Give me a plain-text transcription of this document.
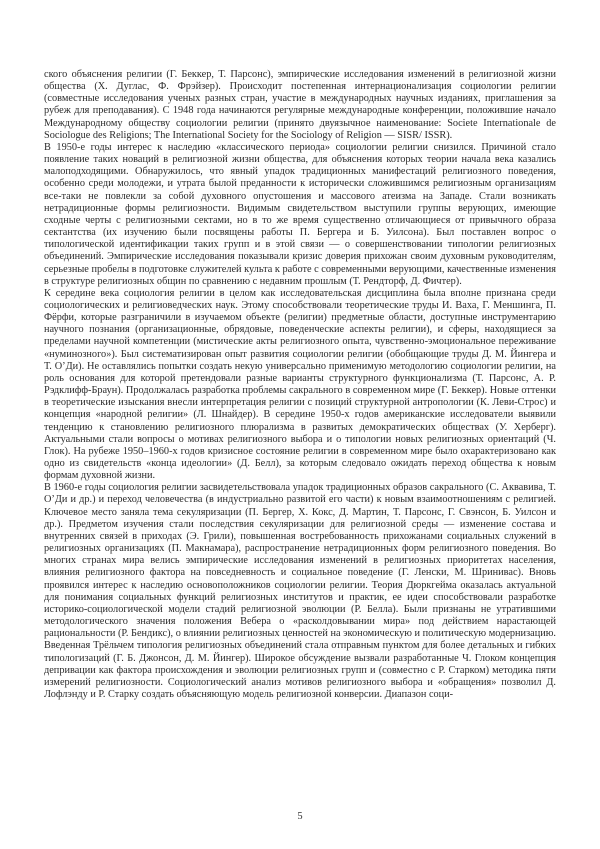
ского объяснения религии (Г. Беккер, Т. Парсонс), эмпирические исследования изменений в религиозной жизни общества (Х. Дуглас, Ф. Фрэйзер). Происходит постепенная интернационализация социологии религии (совместные исследования ученых разных стран, участие в международных научных изданиях, приглашения за рубеж для преподавания). С 1948 года начинаются регулярные международные конференции, положившие начало Международному обществу социологии религии (принято двуязычное наименование: Societe Internationale de Sociologue des Religions; The International Society for the Sociology of Religion — SISR/ ISSR).

В 1950-е годы интерес к наследию «классического периода» социологии религии снизился. Причиной стало появление таких новаций в религиозной жизни общества, для объяснения которых теории начала века казались малоподходящими. Обнаружилось, что явный упадок традиционных манифестаций религиозного поведения, особенно среди молодежи, и утрата былой преданности к исторически сложившимся религиозным организациям все-таки не повлекли за собой духовного опустошения и массового атеизма на Западе. Стали возникать нетрадиционные формы религиозности. Видимым свидетельством выступили группы верующих, имеющие сходные черты с религиозными сектами, но в то же время существенно отличающиеся от привычного образа сектантства (их изучению были посвящены работы П. Бергера и Б. Уилсона). Был поставлен вопрос о типологической идентификации таких групп и в этой связи — о совершенствовании типологии религиозных объединений. Эмпирические исследования показывали кризис доверия прихожан своим духовным руководителям, серьезные пробелы в подготовке служителей культа к работе с современными верующими, качественные изменения в структуре религиозных общин по сравнению с недавним прошлым (Т. Рендторф, Д. Фичтер).

К середине века социология религии в целом как исследовательская дисциплина была вполне признана среди социологических и религиоведческих наук. Этому способствовали теоретические труды И. Ваха, Г. Меншинга, П. Фёрфи, которые разграничили в изучаемом объекте (религии) предметные области, доступные инструментарию научного познания (организационные, обрядовые, поведенческие аспекты религии), и сферы, находящиеся за пределами научной компетенции (мистические акты религиозного опыта, чувственно-эмоциональное переживание «нуминозного»). Был систематизирован опыт развития социологии религии (обобщающие труды Д. М. Йингера и Т. О’Ди). Не оставлялись попытки создать некую универсально применимую методологию социологии религии, на роль основания для которой претендовали разные варианты структурного функционализма (Т. Парсонс, А. Р. Рэдклифф-Браун). Продолжалась разработка проблемы сакрального в современном мире (Г. Беккер). Новые оттенки в теоретические изыскания внесли интерпретация религии с позиций структурной антропологии (К. Леви-Строс) и концепция «народной религии» (Л. Шнайдер). В середине 1950-х годов американские исследователи выявили тенденцию к становлению религиозного плюрализма в развитых демократических обществах (У. Херберг). Актуальными стали вопросы о мотивах религиозного выбора и о типологии новых религиозных ориентаций (Ч. Глок). На рубеже 1950–1960-х годов кризисное состояние религии в современном мире было охарактеризовано как одно из свидетельств «конца идеологии» (Д. Белл), за которым следовало ожидать переход общества к новым формам духовной жизни.

В 1960-е годы социология религии засвидетельствовала упадок традиционных образов сакрального (С. Аквавива, Т. О’Ди и др.) и переход человечества (в индустриально развитой его части) к новым взаимоотношениям с религией. Ключевое место заняла тема секуляризации (П. Бергер, Х. Кокс, Д. Мартин, Т. Парсонс, Г. Свэнсон, Б. Уилсон и др.). Предметом изучения стали последствия секуляризации для религиозной среды — изменение состава и внутренних связей в приходах (Э. Грили), повышенная востребованность прихожанами социальных служений в религиозных организациях (П. Макнамара), распространение нетрадиционных форм религиозного поведения. Во многих странах мира велись эмпирические исследования изменений в религиозных приоритетах населения, влияния религиозного фактора на повседневность и социальное поведение (Г. Ленски, М. Шринивас). Вновь проявился интерес к наследию основоположников социологии религии. Теория Дюркгейма оказалась актуальной для понимания социальных функций религиозных институтов и практик, ее идеи способствовали разработке историко-социологической модели стадий религиозной эволюции (Р. Белла). Были признаны не утратившими методологического значения положения Вебера о «расколдовывании мира» под действием нарастающей рациональности (Р. Бендикс), о влиянии религиозных ценностей на экономическую и политическую модернизацию. Введенная Трёльчем типология религиозных объединений стала отправным пунктом для более детальных и гибких типологизаций (Г. Б. Джонсон, Д. М. Йингер). Широкое обсуждение вызвали разработанные Ч. Глоком концепция депривации как фактора происхождения и эволюции религиозных групп и (совместно с Р. Старком) методика пяти измерений религиозности. Социологический анализ мотивов религиозного выбора и «обращения» позволил Д. Лофлэнду и Р. Старку создать объясняющую модель религиозной конверсии. Диапазон соци-

5
